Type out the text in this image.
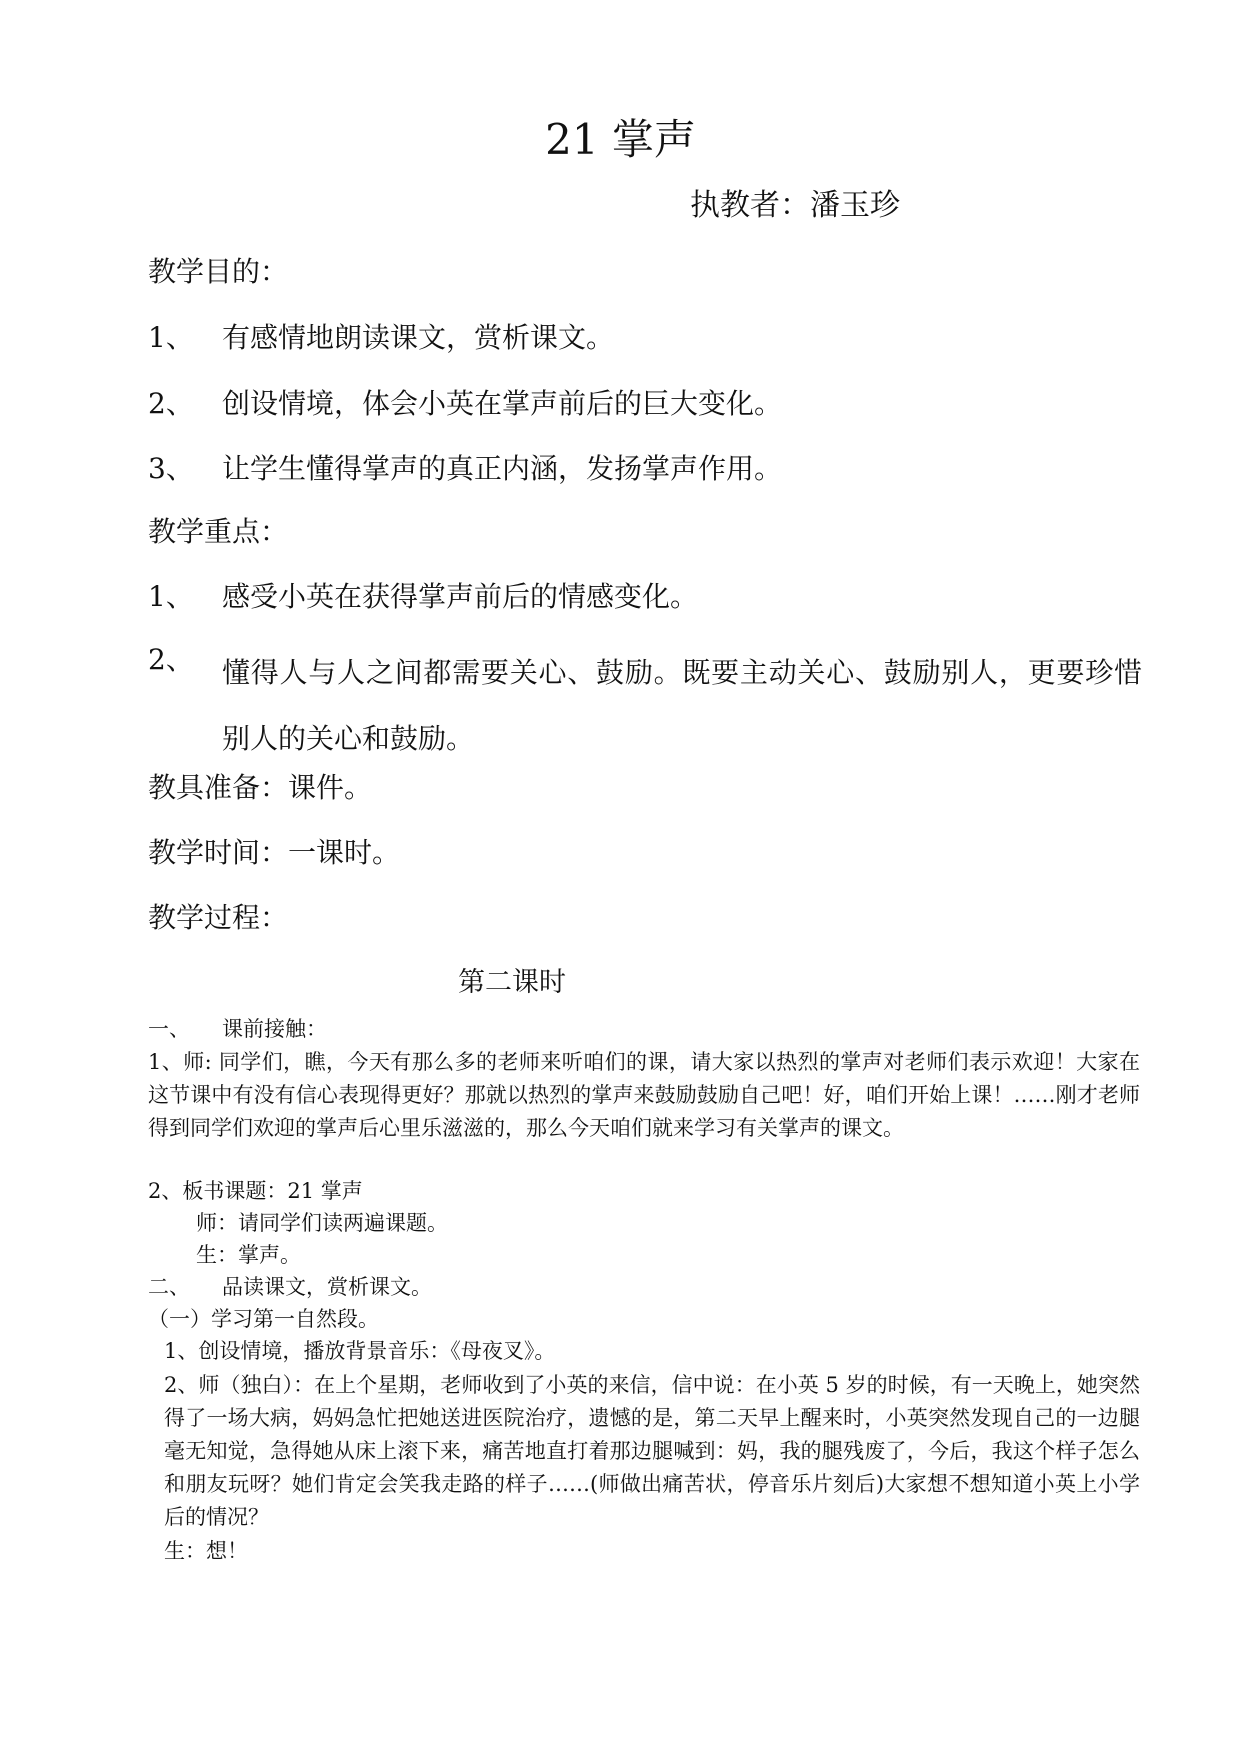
21 掌声
执教者：潘玉珍
教学目的：
1、 有感情地朗读课文，赏析课文。
2、 创设情境，体会小英在掌声前后的巨大变化。
3、 让学生懂得掌声的真正内涵，发扬掌声作用。
教学重点：
1、 感受小英在获得掌声前后的情感变化。
2、 懂得人与人之间都需要关心、鼓励。既要主动关心、鼓励别人，更要珍惜别人的关心和鼓励。
教具准备：课件。
教学时间：一课时。
教学过程：
第二课时
一、 课前接触：
1、师: 同学们，瞧，今天有那么多的老师来听咱们的课，请大家以热烈的掌声对老师们表示欢迎！大家在这节课中有没有信心表现得更好？那就以热烈的掌声来鼓励鼓励自己吧！好，咱们开始上课！……刚才老师得到同学们欢迎的掌声后心里乐滋滋的，那么今天咱们就来学习有关掌声的课文。
2、板书课题：21 掌声
师：请同学们读两遍课题。
生：掌声。
二、 品读课文，赏析课文。
（一）学习第一自然段。
1、创设情境，播放背景音乐：《母夜叉》。
2、师（独白）：在上个星期，老师收到了小英的来信，信中说：在小英 5 岁的时候，有一天晚上，她突然得了一场大病，妈妈急忙把她送进医院治疗，遗憾的是，第二天早上醒来时，小英突然发现自己的一边腿毫无知觉，急得她从床上滚下来，痛苦地直打着那边腿喊到：妈，我的腿残废了，今后，我这个样子怎么和朋友玩呀？她们肯定会笑我走路的样子……(师做出痛苦状，停音乐片刻后)大家想不想知道小英上小学后的情况？
生：想！
